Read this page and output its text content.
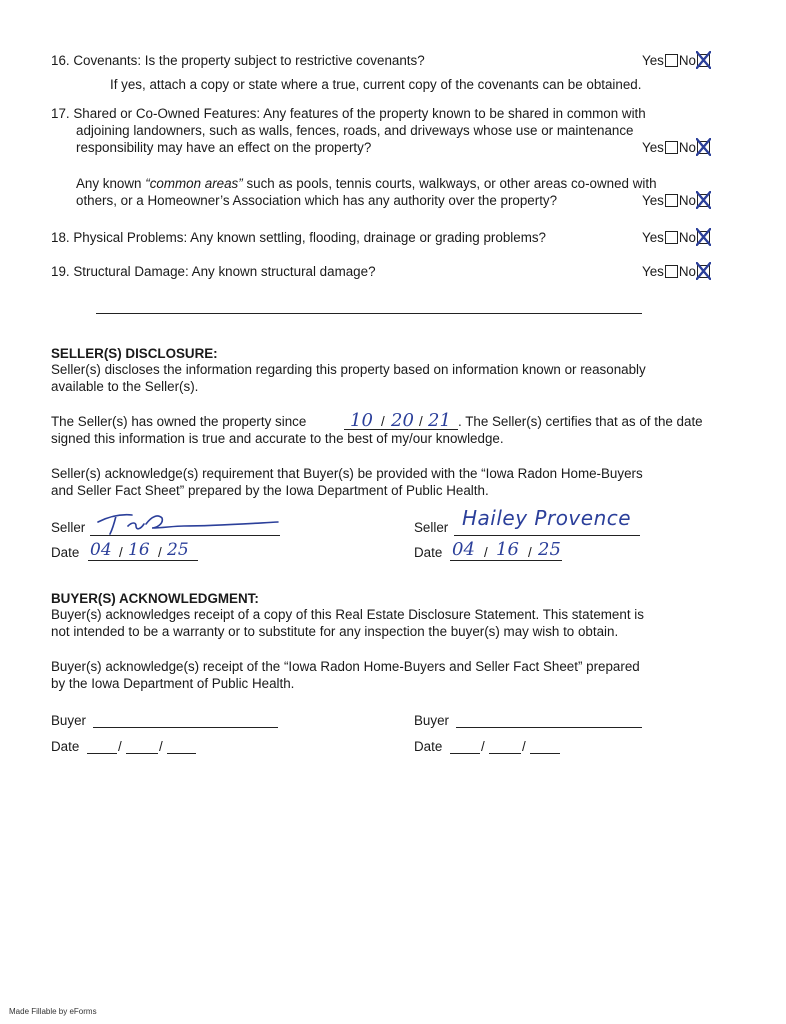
16. Covenants: Is the property subject to restrictive covenants?	Yes No
If yes, attach a copy or state where a true, current copy of the covenants can be obtained.
17. Shared or Co-Owned Features: Any features of the property known to be shared in common with
adjoining landowners, such as walls, fences, roads, and driveways whose use or maintenance
responsibility may have an effect on the property?	Yes No
Any known “common areas” such as pools, tennis courts, walkways, or other areas co-owned with
others, or a Homeowner’s Association which has any authority over the property?	Yes No
18. Physical Problems: Any known settling, flooding, drainage or grading problems?	Yes No
19. Structural Damage: Any known structural damage?	Yes No
SELLER(S) DISCLOSURE:
Seller(s) discloses the information regarding this property based on information known or reasonably
available to the Seller(s).
The Seller(s) has owned the property since 10 / 20 / 21 . The Seller(s) certifies that as of the date
signed this information is true and accurate to the best of my/our knowledge.
Seller(s) acknowledge(s) requirement that Buyer(s) be provided with the “Iowa Radon Home-Buyers
and Seller Fact Sheet” prepared by the Iowa Department of Public Health.
Seller
Date 04 / 16 / 25
Seller Hailey Provence
Date 04 / 16 / 25
BUYER(S) ACKNOWLEDGMENT:
Buyer(s) acknowledges receipt of a copy of this Real Estate Disclosure Statement. This statement is
not intended to be a warranty or to substitute for any inspection the buyer(s) may wish to obtain.
Buyer(s) acknowledge(s) receipt of the “Iowa Radon Home-Buyers and Seller Fact Sheet” prepared
by the Iowa Department of Public Health.
Buyer
Date	/	/
Buyer
Date	/	/
Made Fillable by eForms
